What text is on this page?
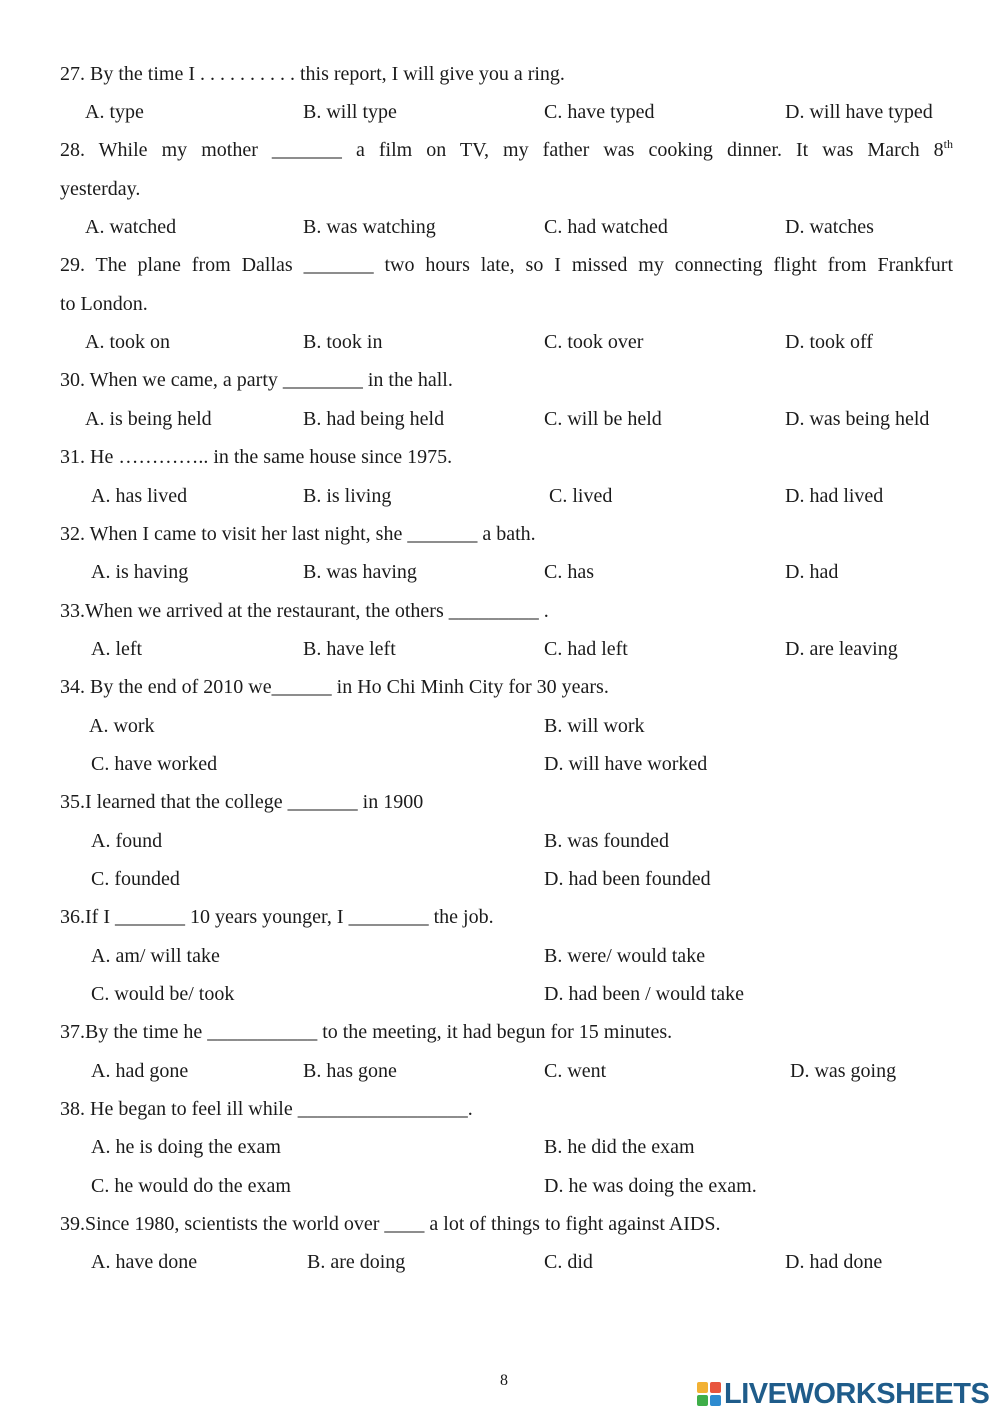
27. By the time I . . . . . . . . . . this report, I will give you a ring.
A. type	B. will type	C. have typed	D. will have typed
28. While my mother _______ a film on TV, my father was cooking dinner. It was March 8th
yesterday.
A. watched	B. was watching	C. had watched	D. watches
29. The plane from Dallas _______ two hours late, so I missed my connecting flight from Frankfurt
to London.
A. took on	B. took in	C. took over	D. took off
30. When we came, a party ________ in the hall.
A. is being held	B. had being held	C. will be held	D. was being held
31. He ………….. in the same house since 1975.
A. has lived	B. is living	C. lived	D. had lived
32. When I came to visit her last night, she _______ a bath.
A. is having	B. was having	C. has	D. had
33.When we arrived at the restaurant, the others _________ .
A. left	B. have left	C. had left	D. are leaving
34. By the end of 2010 we______ in Ho Chi Minh City for 30 years.
A. work	B. will work
C. have worked	D. will have worked
35.I learned that the college _______ in 1900
A. found	B. was founded
C. founded	D. had been founded
36.If I _______ 10 years younger, I ________ the job.
A. am/ will take	B. were/ would take
C. would be/ took	D. had been / would take
37.By the time he ___________ to the meeting, it had begun for 15 minutes.
A. had gone	B. has gone	C. went	D. was going
38. He began to feel ill while _________________.
A. he is doing the exam	B. he did the exam
C. he would do the exam	D. he was doing the exam.
39.Since 1980, scientists the world over ____ a lot of things to fight against AIDS.
A. have done	B. are doing	C. did	D. had done
8	LIVEWORKSHEETS
